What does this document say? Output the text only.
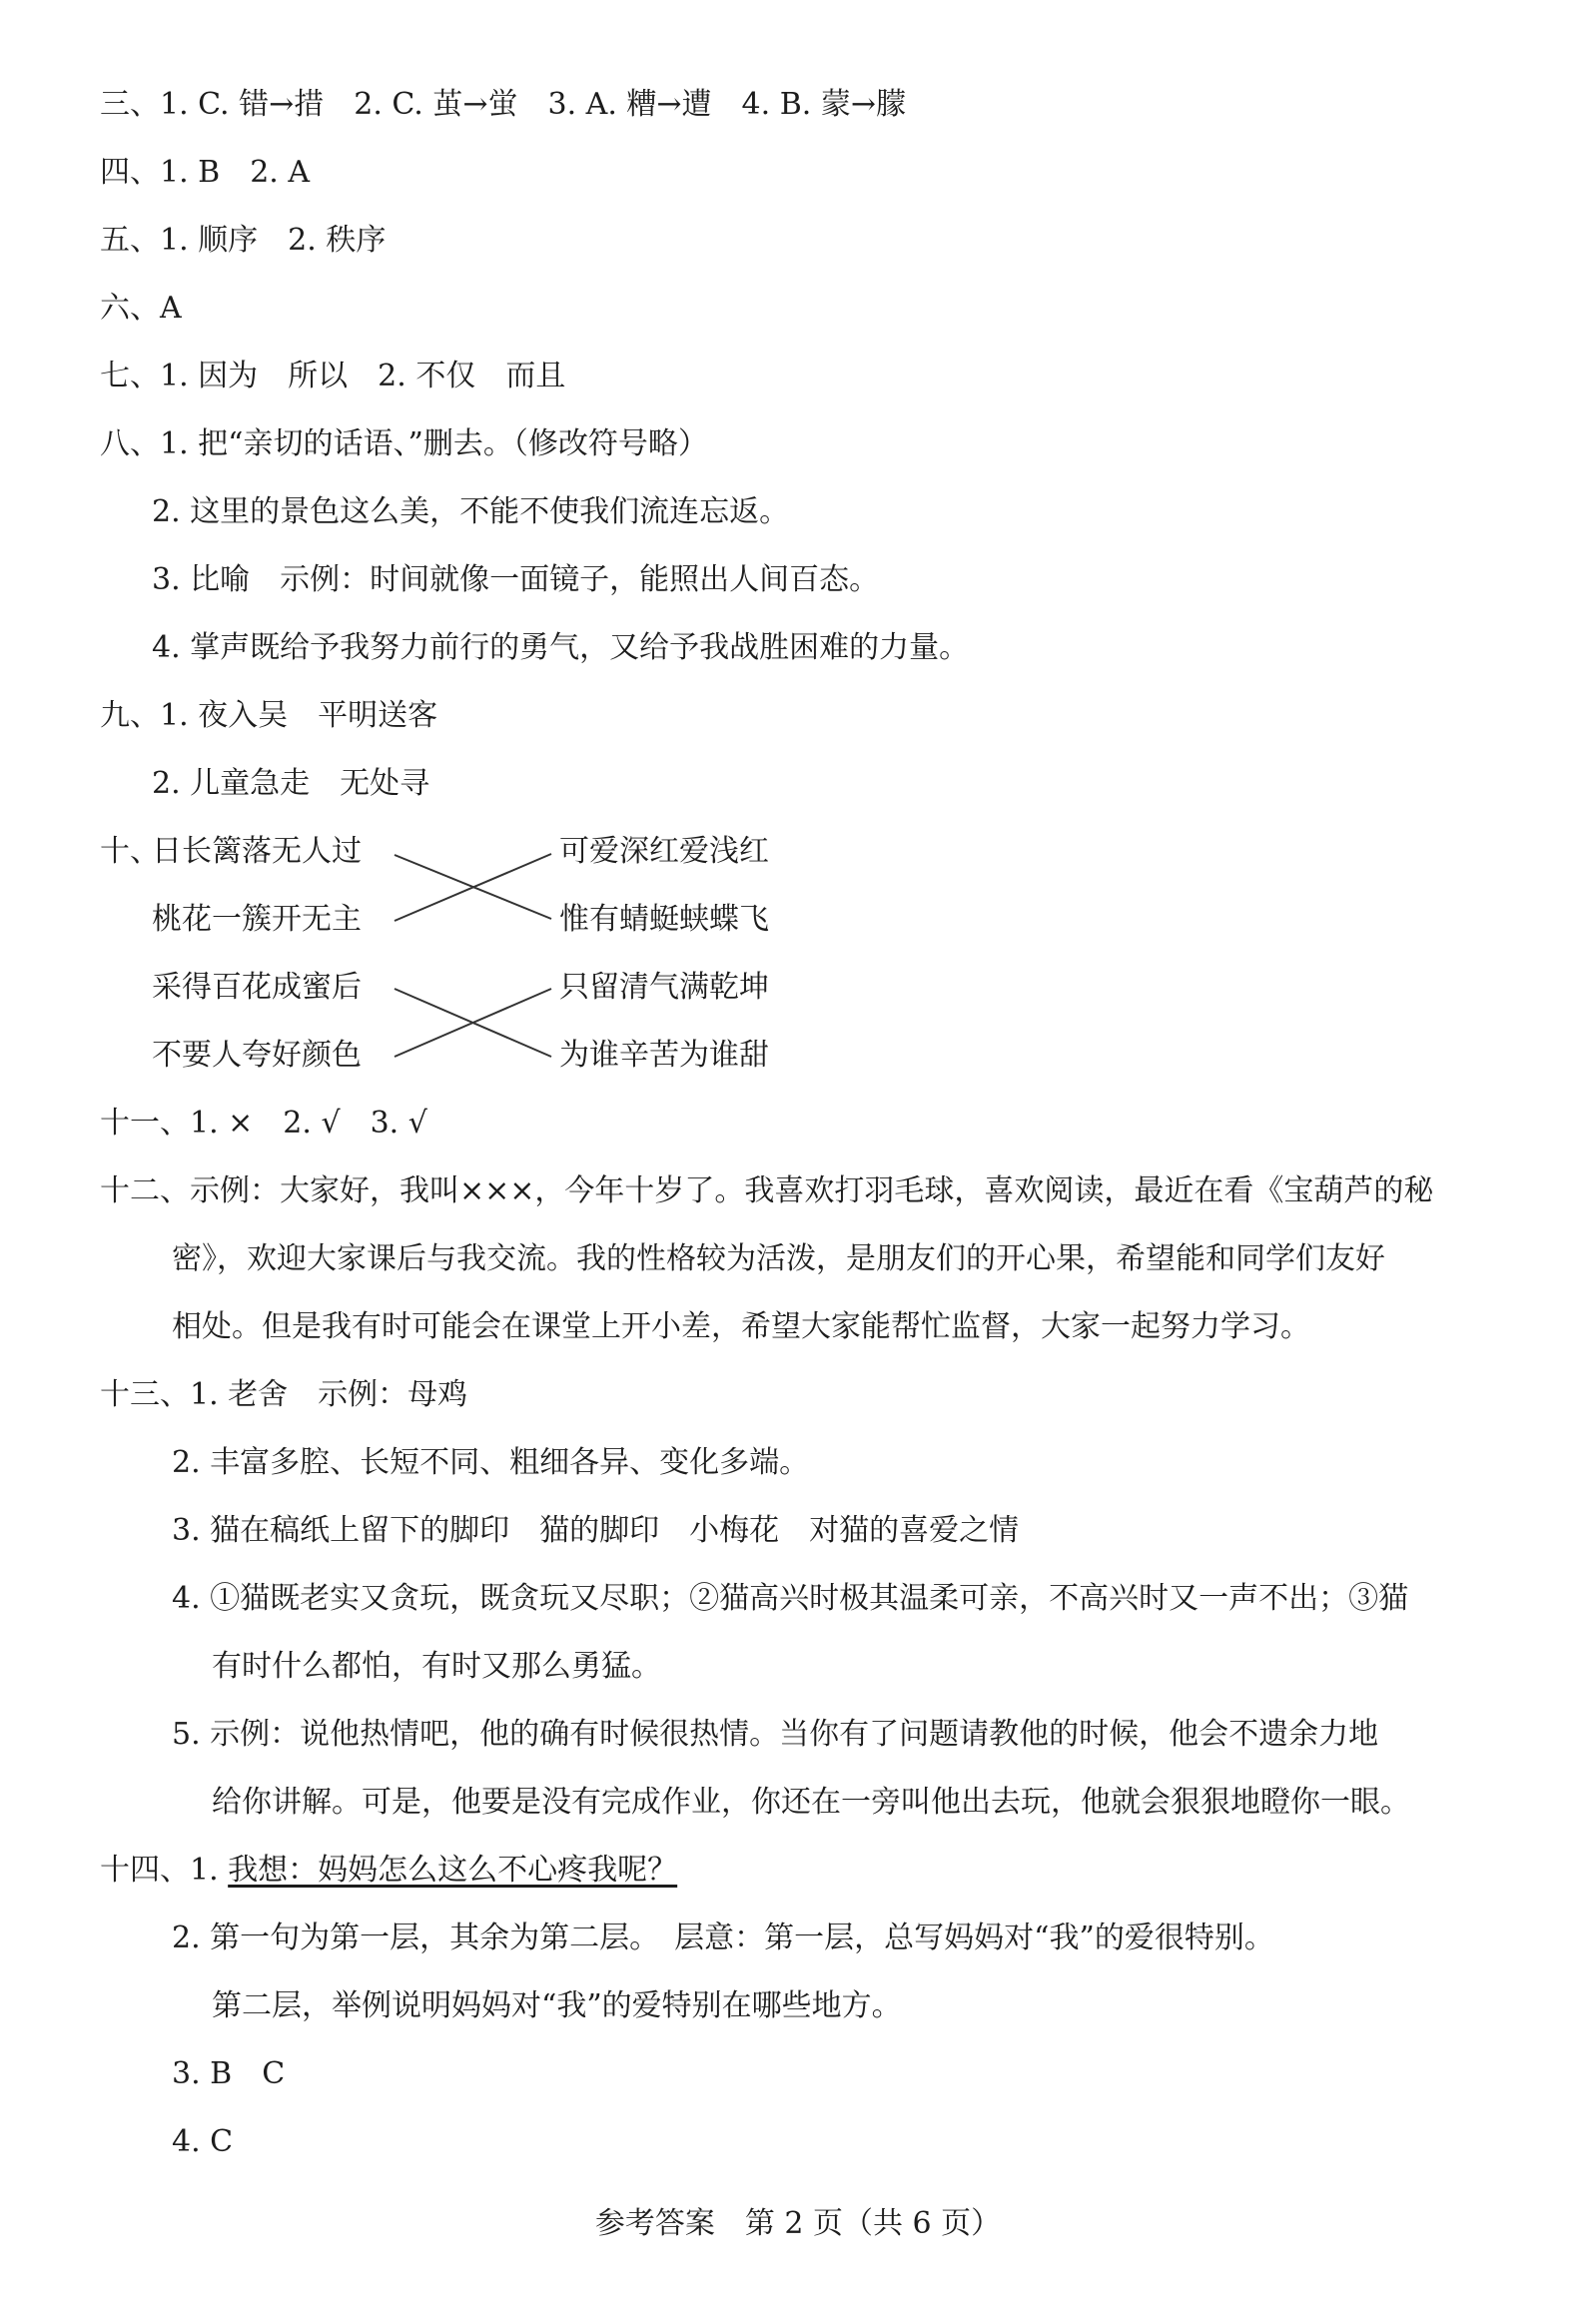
三、1. C. 错→措　2. C. 茧→蛍　3. A. 糟→遭　4. B. 蒙→朦

四、1. B　2. A

五、1. 顺序　2. 秩序

六、A

七、1. 因为　所以　2. 不仅　而且

八、1. 把“亲切的话语、”删去。（修改符号略）

2. 这里的景色这么美，不能不使我们流连忘返。

3. 比喻　示例：时间就像一面镜子，能照出人间百态。

4. 掌声既给予我努力前行的勇气，又给予我战胜困难的力量。

九、1. 夜入吴　平明送客

2. 儿童急走　无处寻

十、

日长篱落无人过

桃花一簇开无主

采得百花成蜜后

不要人夸好颜色

可爱深红爱浅红

惟有蜻蜓蛱蝶飞

只留清气满乾坤

为谁辛苦为谁甜

十一、1. ×　2. √　3. √

十二、示例：大家好，我叫×××，今年十岁了。我喜欢打羽毛球，喜欢阅读，最近在看《宝葫芦的秘

密》，欢迎大家课后与我交流。我的性格较为活泼，是朋友们的开心果，希望能和同学们友好

相处。但是我有时可能会在课堂上开小差，希望大家能帮忙监督，大家一起努力学习。

十三、1. 老舍　示例：母鸡

2. 丰富多腔、长短不同、粗细各异、变化多端。

3. 猫在稿纸上留下的脚印　猫的脚印　小梅花　对猫的喜爱之情

4. ①猫既老实又贪玩，既贪玩又尽职；②猫高兴时极其温柔可亲，不高兴时又一声不出；③猫

有时什么都怕，有时又那么勇猛。

5. 示例：说他热情吧，他的确有时候很热情。当你有了问题请教他的时候，他会不遗余力地

给你讲解。可是，他要是没有完成作业，你还在一旁叫他出去玩，他就会狠狠地瞪你一眼。

十四、1. 我想：妈妈怎么这么不心疼我呢？

2. 第一句为第一层，其余为第二层。　层意：第一层，总写妈妈对“我”的爱很特别。

第二层，举例说明妈妈对“我”的爱特别在哪些地方。

3. B　C

4. C

参考答案　第 2 页（共 6 页）
